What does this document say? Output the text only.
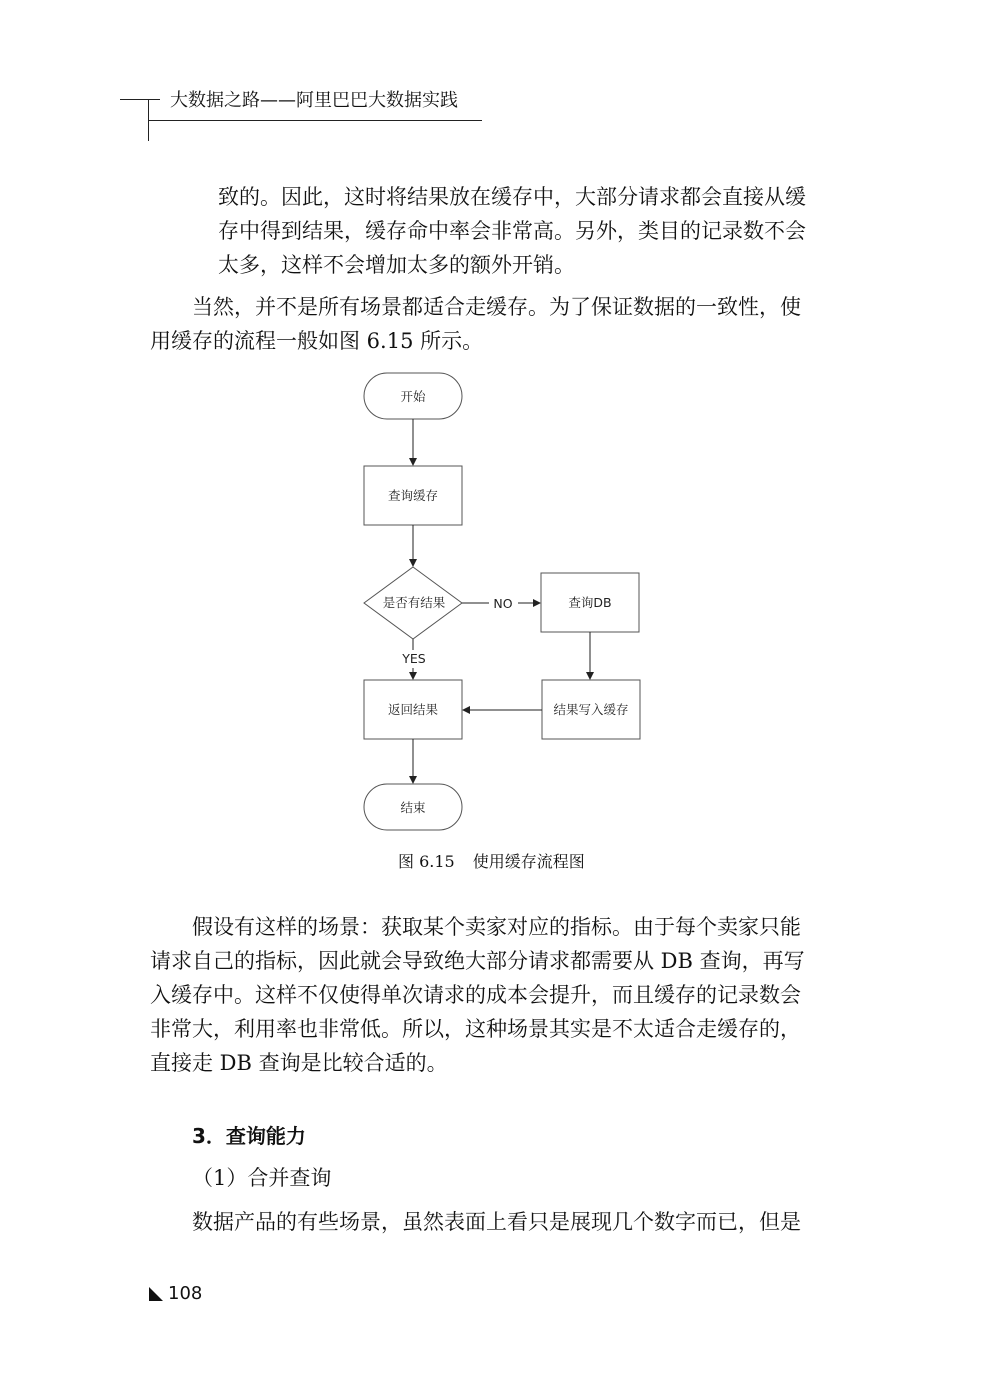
大数据之路——阿里巴巴大数据实践
致的。因此，这时将结果放在缓存中，大部分请求都会直接从缓
存中得到结果，缓存命中率会非常高。另外，类目的记录数不会
太多，这样不会增加太多的额外开销。
当然，并不是所有场景都适合走缓存。为了保证数据的一致性，使
用缓存的流程一般如图 6.15 所示。
开始
查询缓存
是否有结果	NO	查询DB
YES
返回结果	结果写入缓存
结束
图 6.15 使用缓存流程图
假设有这样的场景：获取某个卖家对应的指标。由于每个卖家只能
请求自己的指标，因此就会导致绝大部分请求都需要从 DB 查询，再写
入缓存中。这样不仅使得单次请求的成本会提升，而且缓存的记录数会
非常大，利用率也非常低。所以，这种场景其实是不太适合走缓存的，
直接走 DB 查询是比较合适的。
3．查询能力
（1）合并查询
数据产品的有些场景，虽然表面上看只是展现几个数字而已，但是
108
